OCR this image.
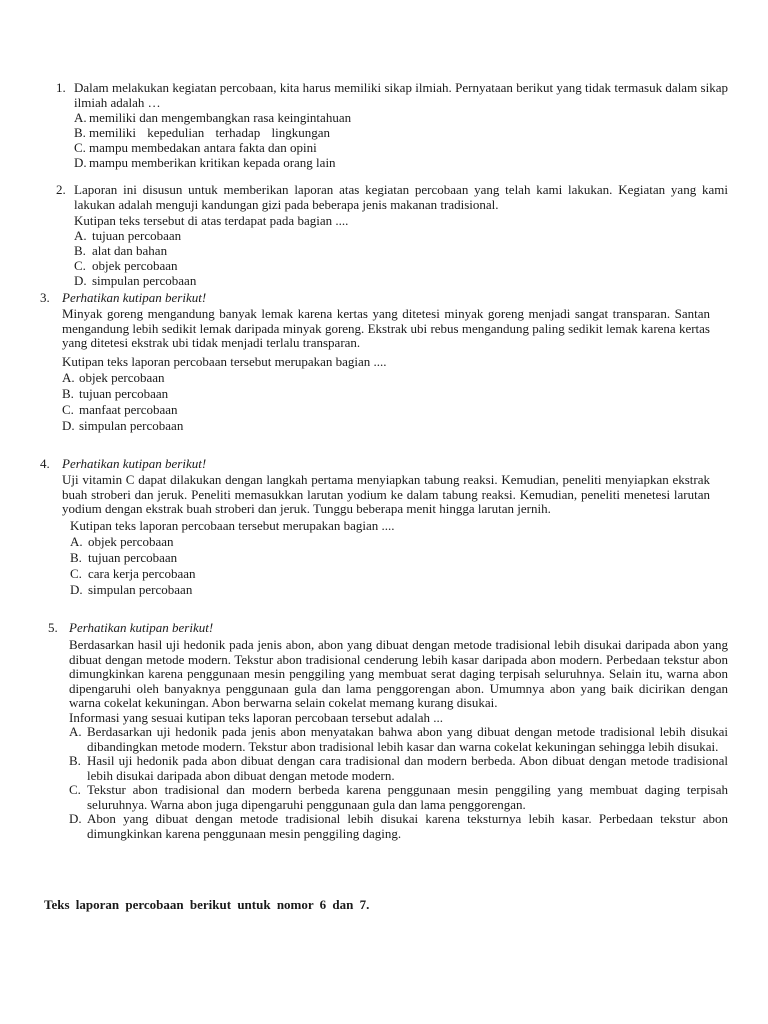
1. Dalam melakukan kegiatan percobaan, kita harus memiliki sikap ilmiah. Pernyataan berikut yang tidak termasuk dalam sikap ilmiah adalah …
A. memiliki dan mengembangkan rasa keingintahuan
B. memiliki kepedulian terhadap lingkungan
C. mampu membedakan antara fakta dan opini
D. mampu memberikan kritikan kepada orang lain
2. Laporan ini disusun untuk memberikan laporan atas kegiatan percobaan yang telah kami lakukan. Kegiatan yang kami lakukan adalah menguji kandungan gizi pada beberapa jenis makanan tradisional.
Kutipan teks tersebut di atas terdapat pada bagian ....
A. tujuan percobaan
B. alat dan bahan
C. objek percobaan
D. simpulan percobaan
3. Perhatikan kutipan berikut!
Minyak goreng mengandung banyak lemak karena kertas yang ditetesi minyak goreng menjadi sangat transparan. Santan mengandung lebih sedikit lemak daripada minyak goreng. Ekstrak ubi rebus mengandung paling sedikit lemak karena kertas yang ditetesi ekstrak ubi tidak menjadi terlalu transparan.
Kutipan teks laporan percobaan tersebut merupakan bagian ....
A. objek percobaan
B. tujuan percobaan
C. manfaat percobaan
D. simpulan percobaan
4. Perhatikan kutipan berikut!
Uji vitamin C dapat dilakukan dengan langkah pertama menyiapkan tabung reaksi. Kemudian, peneliti menyiapkan ekstrak buah stroberi dan jeruk. Peneliti memasukkan larutan yodium ke dalam tabung reaksi. Kemudian, peneliti menetesi larutan yodium dengan ekstrak buah stroberi dan jeruk. Tunggu beberapa menit hingga larutan jernih.
Kutipan teks laporan percobaan tersebut merupakan bagian ....
A. objek percobaan
B. tujuan percobaan
C. cara kerja percobaan
D. simpulan percobaan
5. Perhatikan kutipan berikut!
Berdasarkan hasil uji hedonik pada jenis abon, abon yang dibuat dengan metode tradisional lebih disukai daripada abon yang dibuat dengan metode modern. Tekstur abon tradisional cenderung lebih kasar daripada abon modern. Perbedaan tekstur abon dimungkinkan karena penggunaan mesin penggiling yang membuat serat daging terpisah seluruhnya. Selain itu, warna abon dipengaruhi oleh banyaknya penggunaan gula dan lama penggorengan abon. Umumnya abon yang baik dicirikan dengan warna cokelat kekuningan. Abon berwarna selain cokelat memang kurang disukai.
Informasi yang sesuai kutipan teks laporan percobaan tersebut adalah ...
A. Berdasarkan uji hedonik pada jenis abon menyatakan bahwa abon yang dibuat dengan metode tradisional lebih disukai dibandingkan metode modern. Tekstur abon tradisional lebih kasar dan warna cokelat kekuningan sehingga lebih disukai.
B. Hasil uji hedonik pada abon dibuat dengan cara tradisional dan modern berbeda. Abon dibuat dengan metode tradisional lebih disukai daripada abon dibuat dengan metode modern.
C. Tekstur abon tradisional dan modern berbeda karena penggunaan mesin penggiling yang membuat daging terpisah seluruhnya. Warna abon juga dipengaruhi penggunaan gula dan lama penggorengan.
D. Abon yang dibuat dengan metode tradisional lebih disukai karena teksturnya lebih kasar. Perbedaan tekstur abon dimungkinkan karena penggunaan mesin penggiling daging.
Teks laporan percobaan berikut untuk nomor 6 dan 7.
